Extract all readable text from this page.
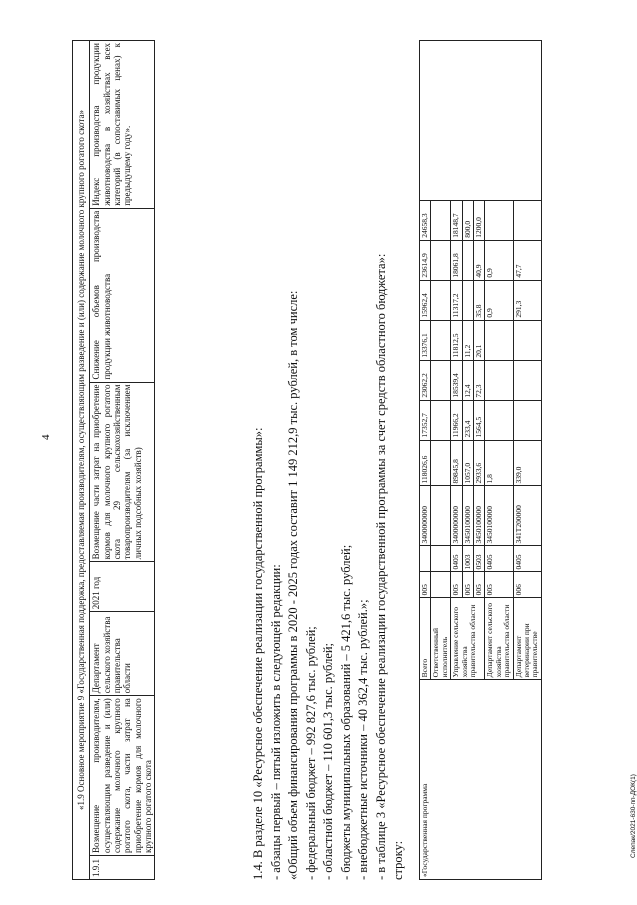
4
Слепак/2021-630-пп-ДОК(1)
«1.9 Основное мероприятие 9 «Государственная поддержка, предоставляемая производителям, осуществляющим разведение и (или) содержание молочного крупного рогатого скота»
1.9.1	Возмещение производителям, осуществляющим разведение и (или) содержание молочного крупного рогатого скота, части затрат на приобретение кормов для молочного крупного рогатого скота	Департамент сельского хозяйства правительства области	2021 год	Возмещение части затрат на приобретение кормов для молочного крупного рогатого скота 29 сельскохозяйственным товаропроизводителям (за исключением личных подсобных хозяйств)	Снижение объемов производства продукции животноводства	Индекс производства продукции животноводства в хозяйствах всех категорий (в сопоставимых ценах) к предыдущему году».
1.4. В разделе 10 «Ресурсное обеспечение реализации государственной программы»: - абзацы первый – пятый изложить в следующей редакции: «Общий объем финансирования программы в 2020 - 2025 годах составит 1 149 212,9 тыс. рублей, в том числе: - федеральный бюджет – 992 827,6 тыс. рублей; - областной бюджет – 110 601,3 тыс. рублей; - бюджеты муниципальных образований – 5 421,6 тыс. рублей; - внебюджетные источники – 40 362,4 тыс. рублей.»; - в таблице 3 «Ресурсное обеспечение реализации государственной программы за счет средств областного бюджета»: строку:	«Государственная программа	Всего	005		3400000000	118026,6	17352,7	23062,2	13376,1	15962,4	23614,9	24658,3	
	Ответственный исполнитель											
	Управление сельского хозяйства правительства области	005	0405	3400000000	89845,8	11966,2	18539,4	11812,5	11317,2	18061,8	18148,7	
		005	1003	3450100000	1057,0	233,4	12,4	11,2			800,0	
		005	0503	3450100000	2933,6	1564,5	72,3	20,1	35,8	40,9	1200,0	
	Департамент сельского хозяйства правительства области	005	0405	3450100000	1,8				0,9	0,9		
	Департамент ветеринарии при правительстве	006	0405	341Т200000	339,0				291,3	47,7		
